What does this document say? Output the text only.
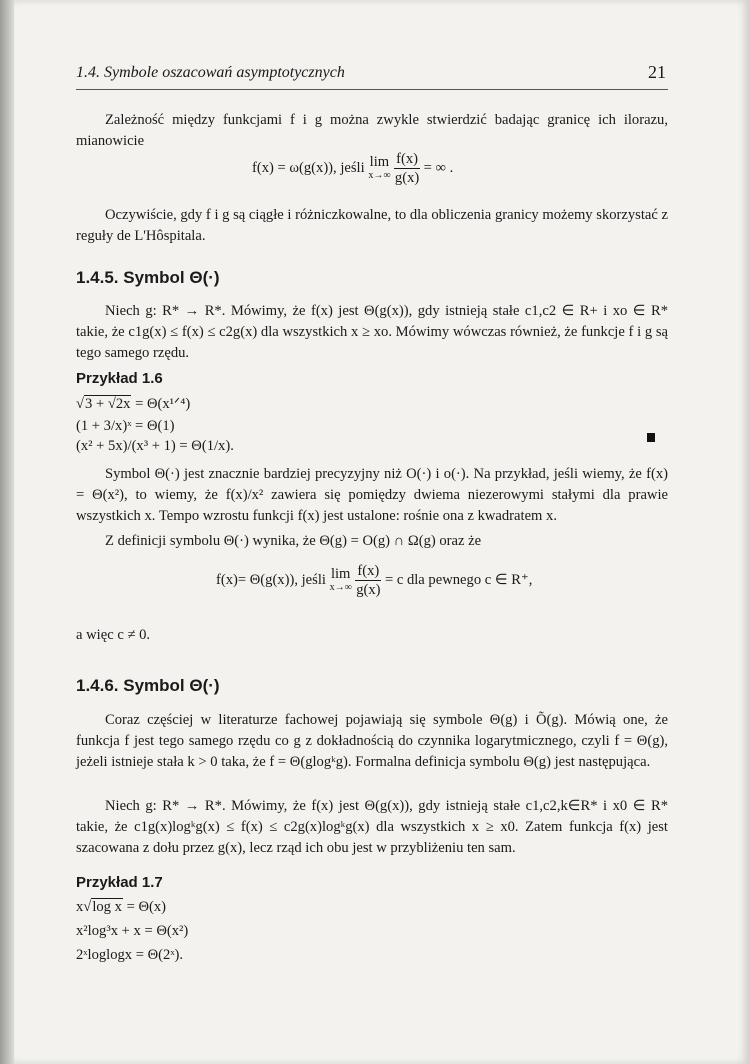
1.4. Symbole oszacowań asymptotycznych	21
Zależność między funkcjami f i g można zwykle stwierdzić badając granicę ich ilorazu, mianowicie
f(x) = ω(g(x)), jeśli lim
x→∞
$\frac{f(x)}{g(x)}$ = ∞ .
Oczywiście, gdy f i g są ciągłe i różniczkowalne, to dla obliczenia granicy możemy skorzystać z reguły de L'Hôspitala.
1.4.5. Symbol Θ(·)
Niech g: R* → R*. Mówimy, że f(x) jest Θ(g(x)), gdy istnieją stałe c1,c2 ∈ R+ i xo ∈ R* takie, że c1g(x) ≤ f(x) ≤ c2g(x) dla wszystkich x ≥ xo. Mówimy wówczas również, że funkcje f i g są tego samego rzędu.
Przykład 1.6
√3 + √2x = Θ(x¹ᐟ⁴)
(1 + 3/x)ˣ = Θ(1)
(x² + 5x)/(x³ + 1) = Θ(1/x).
Symbol Θ(·) jest znacznie bardziej precyzyjny niż O(·) i o(·). Na przykład, jeśli wiemy, że f(x) = Θ(x²), to wiemy, że f(x)/x² zawiera się pomiędzy dwiema niezerowymi stałymi dla prawie wszystkich x. Tempo wzrostu funkcji f(x) jest ustalone: rośnie ona z kwadratem x.
Z definicji symbolu Θ(·) wynika, że Θ(g) = O(g) ∩ Ω(g) oraz że
f(x)= Θ(g(x)), jeśli lim
x→∞
$\frac{f(x)}{g(x)} = c$ dla pewnego c ∈ R⁺,
a więc c ≠ 0.
1.4.6. Symbol Θ(·)
Coraz częściej w literaturze fachowej pojawiają się symbole Θ(g) i Õ(g). Mówią one, że funkcja f jest tego samego rzędu co g z dokładnością do czynnika logarytmicznego, czyli f = Θ(g), jeżeli istnieje stała k > 0 taka, że f = Θ(glogᵏg). Formalna definicja symbolu Θ(g) jest następująca.
Niech g: R* → R*. Mówimy, że f(x) jest Θ(g(x)), gdy istnieją stałe c1,c2,k∈R* i x0 ∈ R* takie, że c1g(x)logᵏg(x) ≤ f(x) ≤ c2g(x)logᵏg(x) dla wszystkich x ≥ x0. Zatem funkcja f(x) jest szacowana z dołu przez g(x), lecz rząd ich obu jest w przybliżeniu ten sam.
Przykład 1.7
x√log x = Θ(x)
x²log³x + x = Θ(x²)
2ˣloglogx = Θ(2ˣ).
